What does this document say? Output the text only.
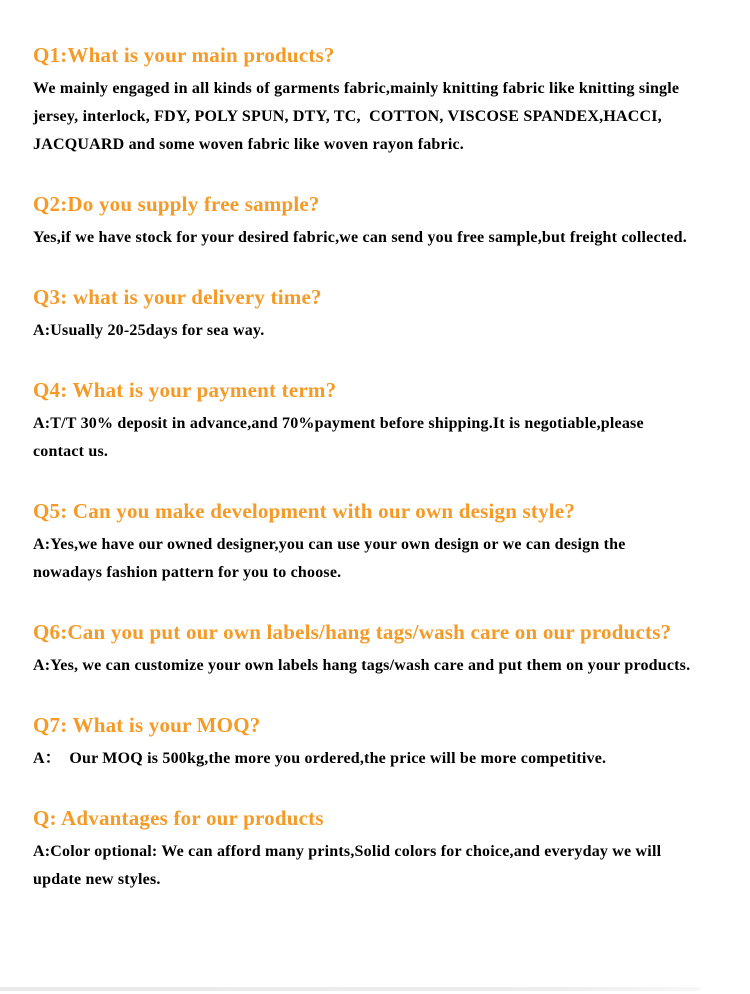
Q1:What is your main products?

We mainly engaged in all kinds of garments fabric,mainly knitting fabric like knitting single jersey, interlock, FDY, POLY SPUN, DTY, TC,  COTTON, VISCOSE SPANDEX,HACCI, JACQUARD and some woven fabric like woven rayon fabric.

Q2:Do you supply free sample?

Yes,if we have stock for your desired fabric,we can send you free sample,but freight collected.

Q3: what is your delivery time?

A:Usually 20-25days for sea way.

Q4: What is your payment term?

A:T/T 30% deposit in advance,and 70%payment before shipping.It is negotiable,please contact us.

Q5: Can you make development with our own design style?

A:Yes,we have our owned designer,you can use your own design or we can design the nowadays fashion pattern for you to choose.

Q6:Can you put our own labels/hang tags/wash care on our products?

A:Yes, we can customize your own labels hang tags/wash care and put them on your products.

Q7: What is your MOQ?

A：  Our MOQ is 500kg,the more you ordered,the price will be more competitive.

Q: Advantages for our products

A:Color optional: We can afford many prints,Solid colors for choice,and everyday we will update new styles.
